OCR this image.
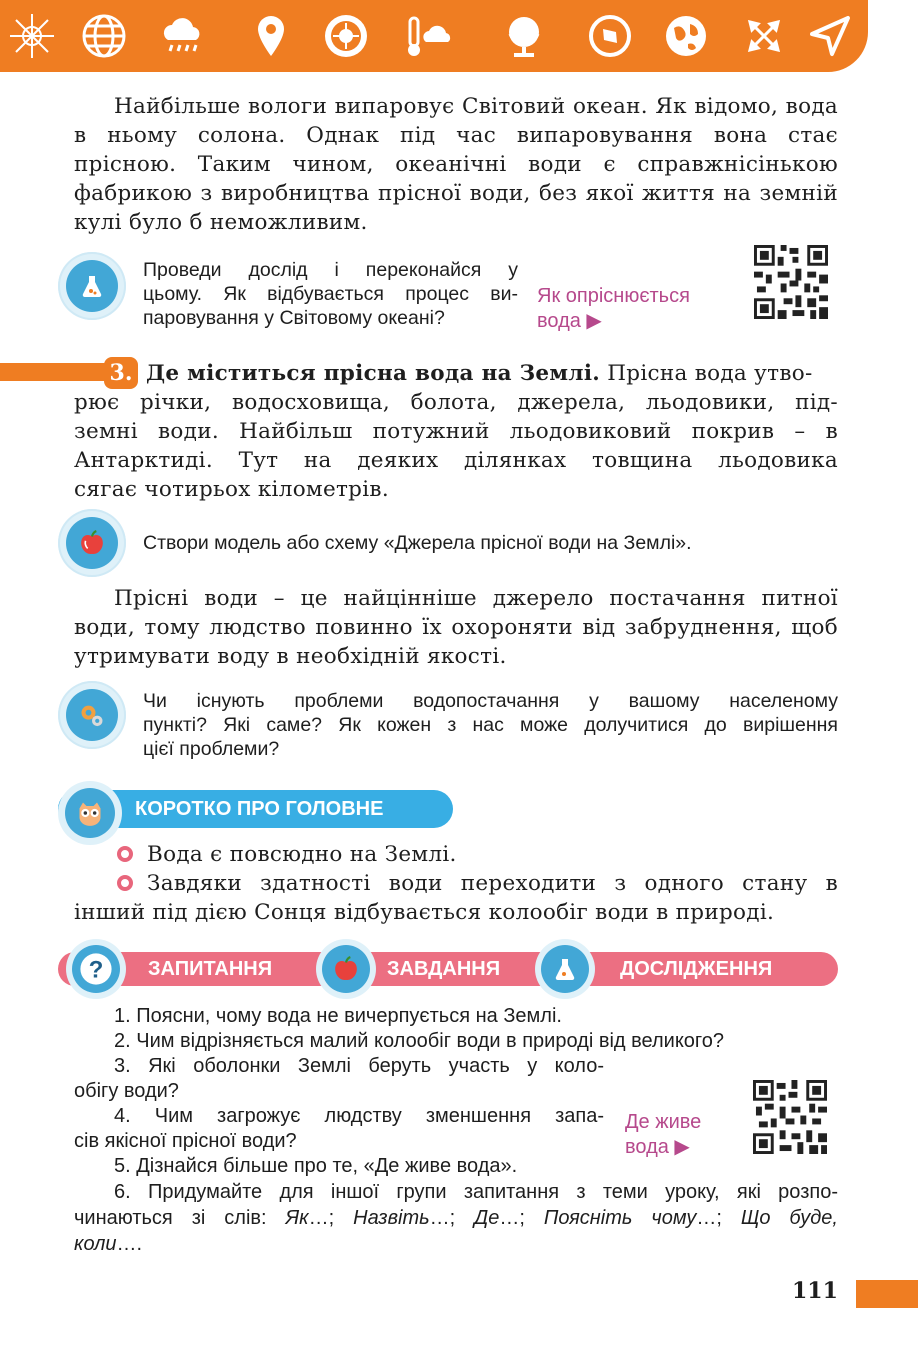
Найбільше вологи випаровує Світовий океан. Як відомо, вода в ньому солона. Однак під час випаровування вона стає прісною. Таким чином, океанічні води є справжнісінькою фабрикою з виробництва прісної води, без якої життя на земній кулі було б неможливим.
Проведи дослід і переконайся у
цьому. Як відбувається процес ви-
паровування у Світовому океані?
Як опріснюється
вода ▶
3. Де міститься прісна вода на Землі. Прісна вода утво-
рює річки, водосховища, болота, джерела, льодовики, під-
земні води. Найбільш потужний льодовиковий покрив – в
Антарктиді. Тут на деяких ділянках товщина льодовика
сягає чотирьох кілометрів.
Створи модель або схему «Джерела прісної води на Землі».
Прісні води – це найцінніше джерело постачання питної води, тому людство повинно їх охороняти від забруднення, щоб утримувати воду в необхідній якості.
Чи існують проблеми водопостачання у вашому населеному
пункті? Які саме? Як кожен з нас може долучитися до вирішення
цієї проблеми?
КОРОТКО ПРО ГОЛОВНЕ
Вода є повсюдно на Землі.
Завдяки здатності води переходити з одного стану в
інший під дією Сонця відбувається колообіг води в природі.
? ЗАПИТАННЯ	ЗАВДАННЯ	ДОСЛІДЖЕННЯ
1. Поясни, чому вода не вичерпується на Землі.
2. Чим відрізняється малий колообіг води в природі від великого?
3. Які оболонки Землі беруть участь у коло-
обігу води?
4. Чим загрожує людству зменшення запа-
сів якісної прісної води?
5. Дізнайся більше про те, «Де живе вода».
6. Придумайте для іншої групи запитання з теми уроку, які розпо-
чинаються зі слів: Як…; Назвіть…; Де…; Поясніть чому…; Що буде,
коли….
Де живе
вода ▶
111
